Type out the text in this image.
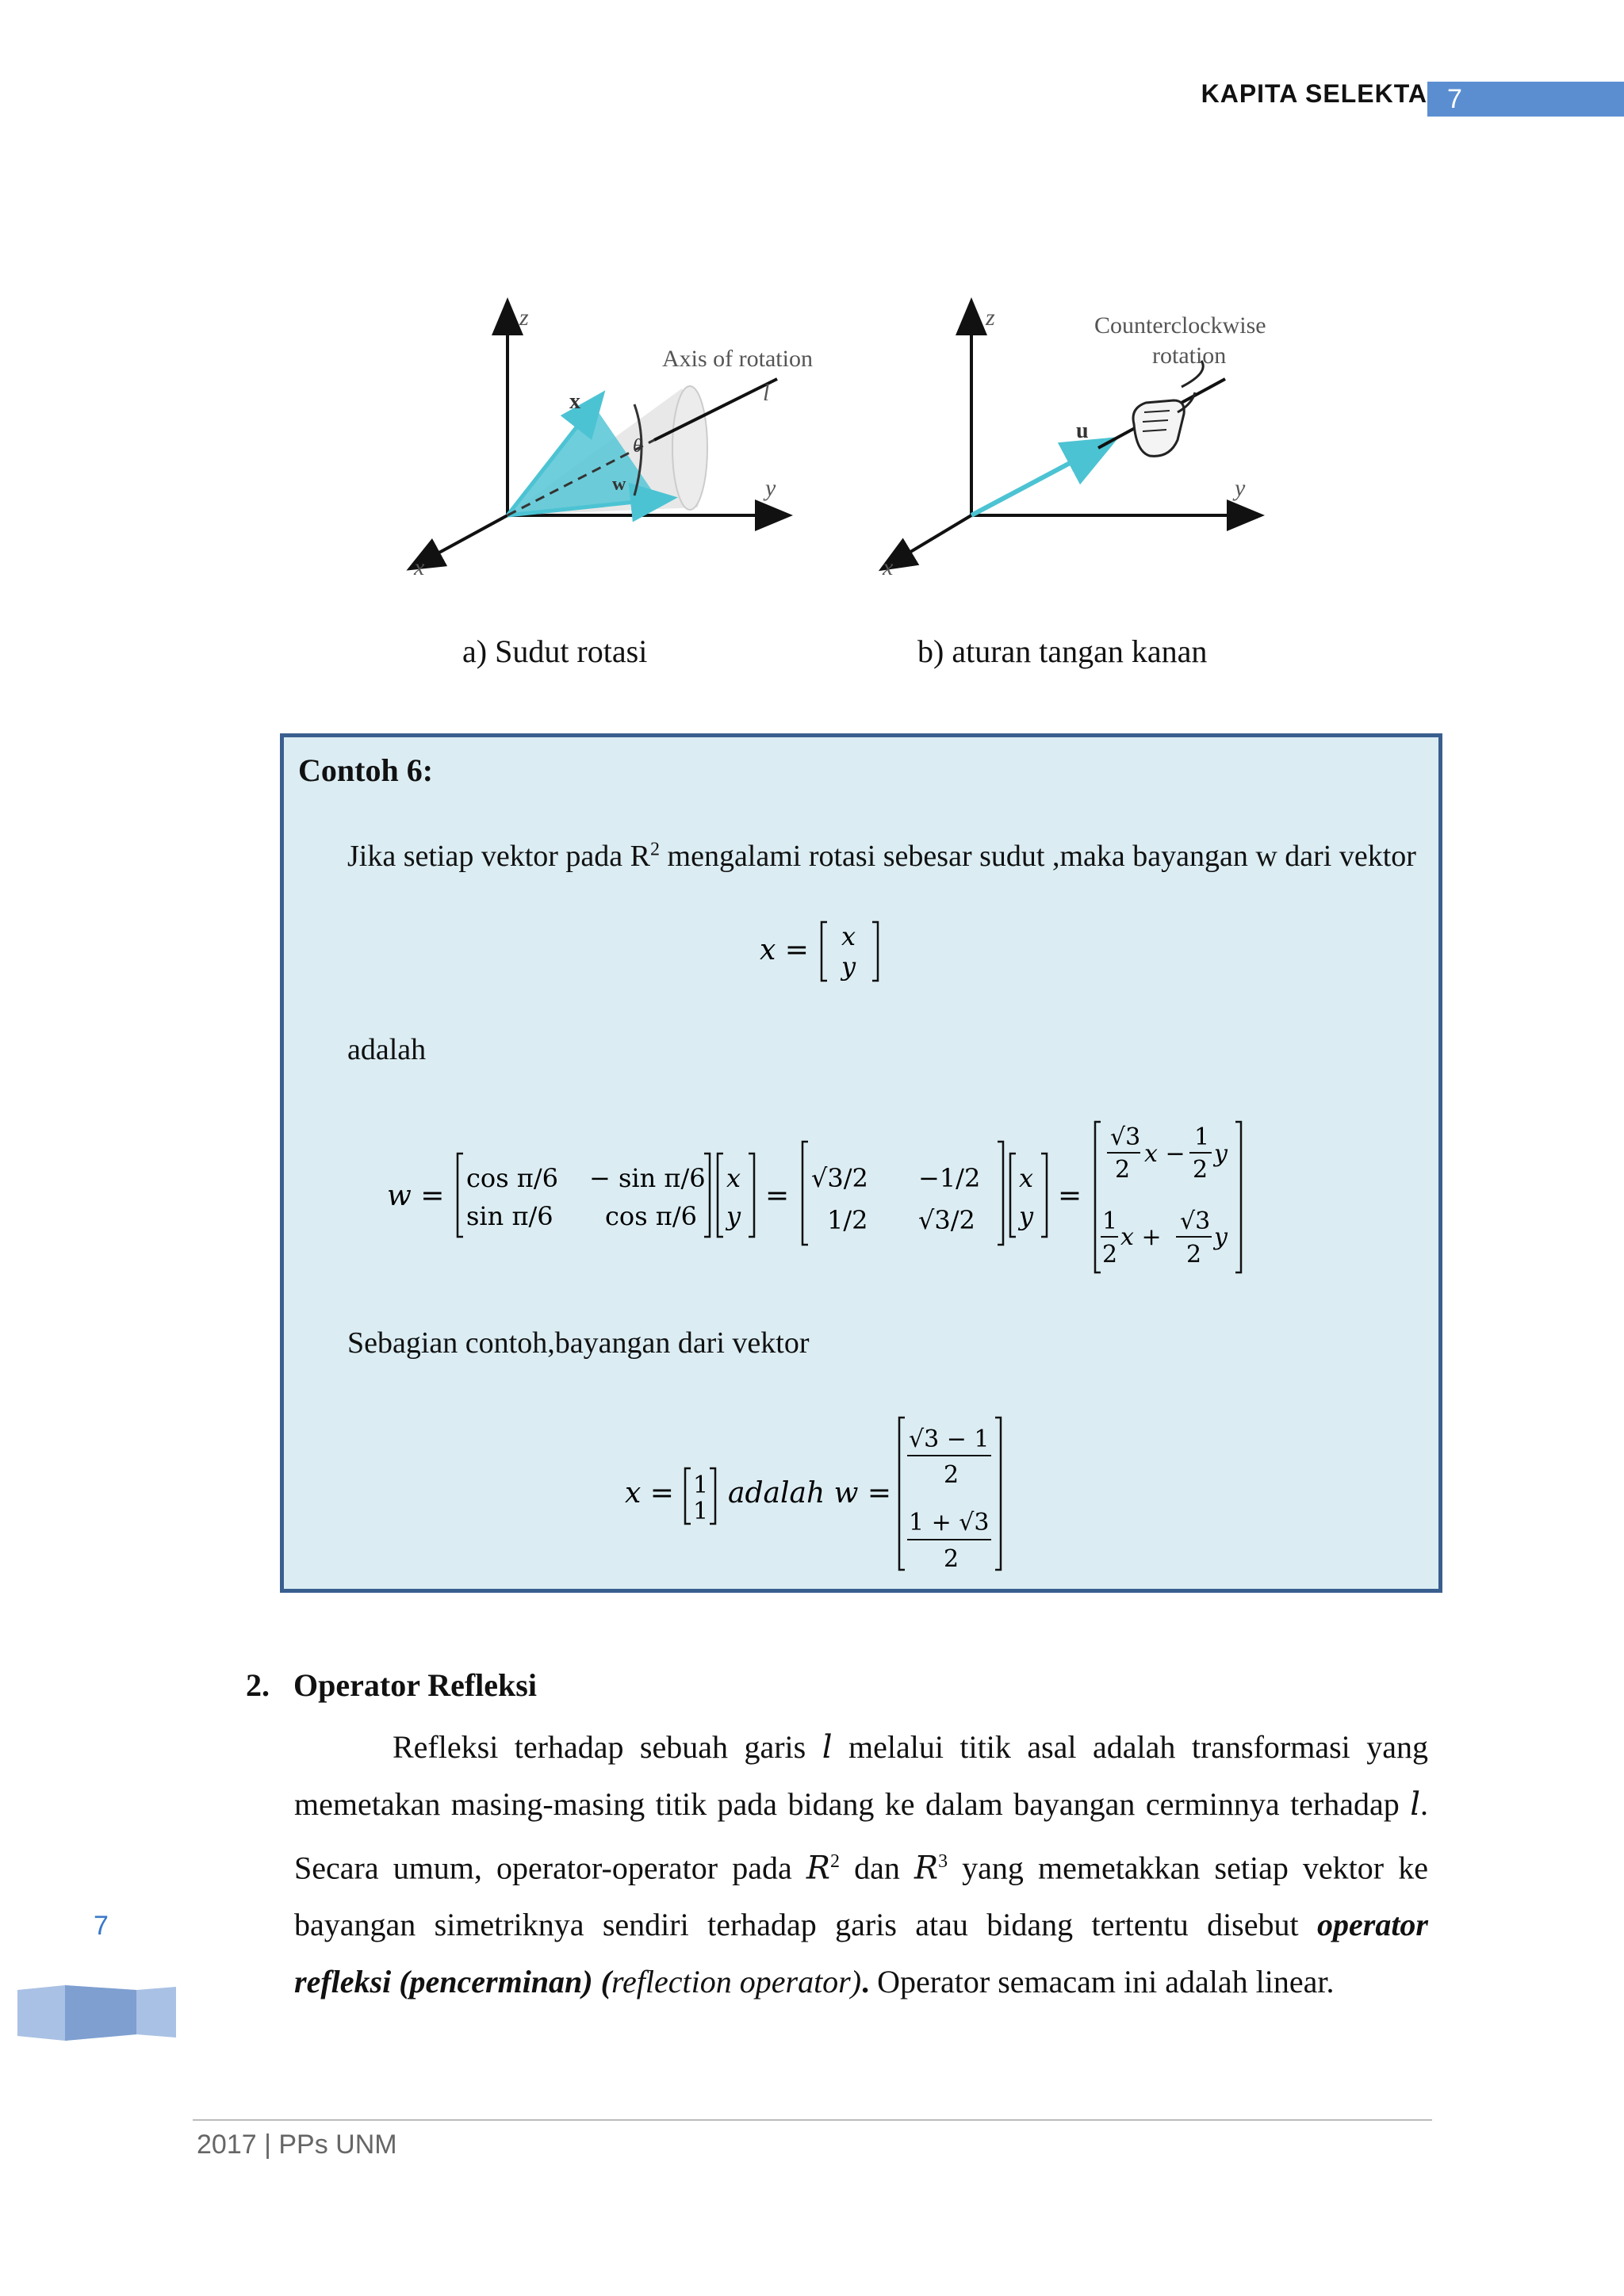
KAPITA SELEKTA 7
z
y
x
Axis of rotation
l
x
w
θ
z
y
x
Counterclockwise
rotation
u
a) Sudut rotasi	b) aturan tangan kanan
Contoh 6:
Jika setiap vektor pada $R^2$ mengalami rotasi sebesar sudut ,maka bayangan w dari vektor
x = x
y
adalah
w =
cos π/6 − sin π/6
sin π/6 cos π/6
x
y
=
√3/2 −1/2
1/2 √3/2
x
y
=
√3
2
x −
1
2
y
1
2
x +
√3
2
y
Sebagian contoh,bayangan dari vektor
x = 1
1
adalah w =
√3 − 1
2
1 + √3
2
2. Operator Refleksi
Refleksi terhadap sebuah garis l melalui titik asal adalah transformasi yang memetakan masing-masing titik pada bidang ke dalam bayangan cerminnya terhadap l. Secara umum, operator-operator pada $R^2$ dan $R^3$ yang memetakkan setiap vektor ke bayangan simetriknya sendiri terhadap garis atau bidang tertentu disebut operator refleksi (pencerminan) (reflection operator). Operator semacam ini adalah linear.
7
2017 | PPs UNM
